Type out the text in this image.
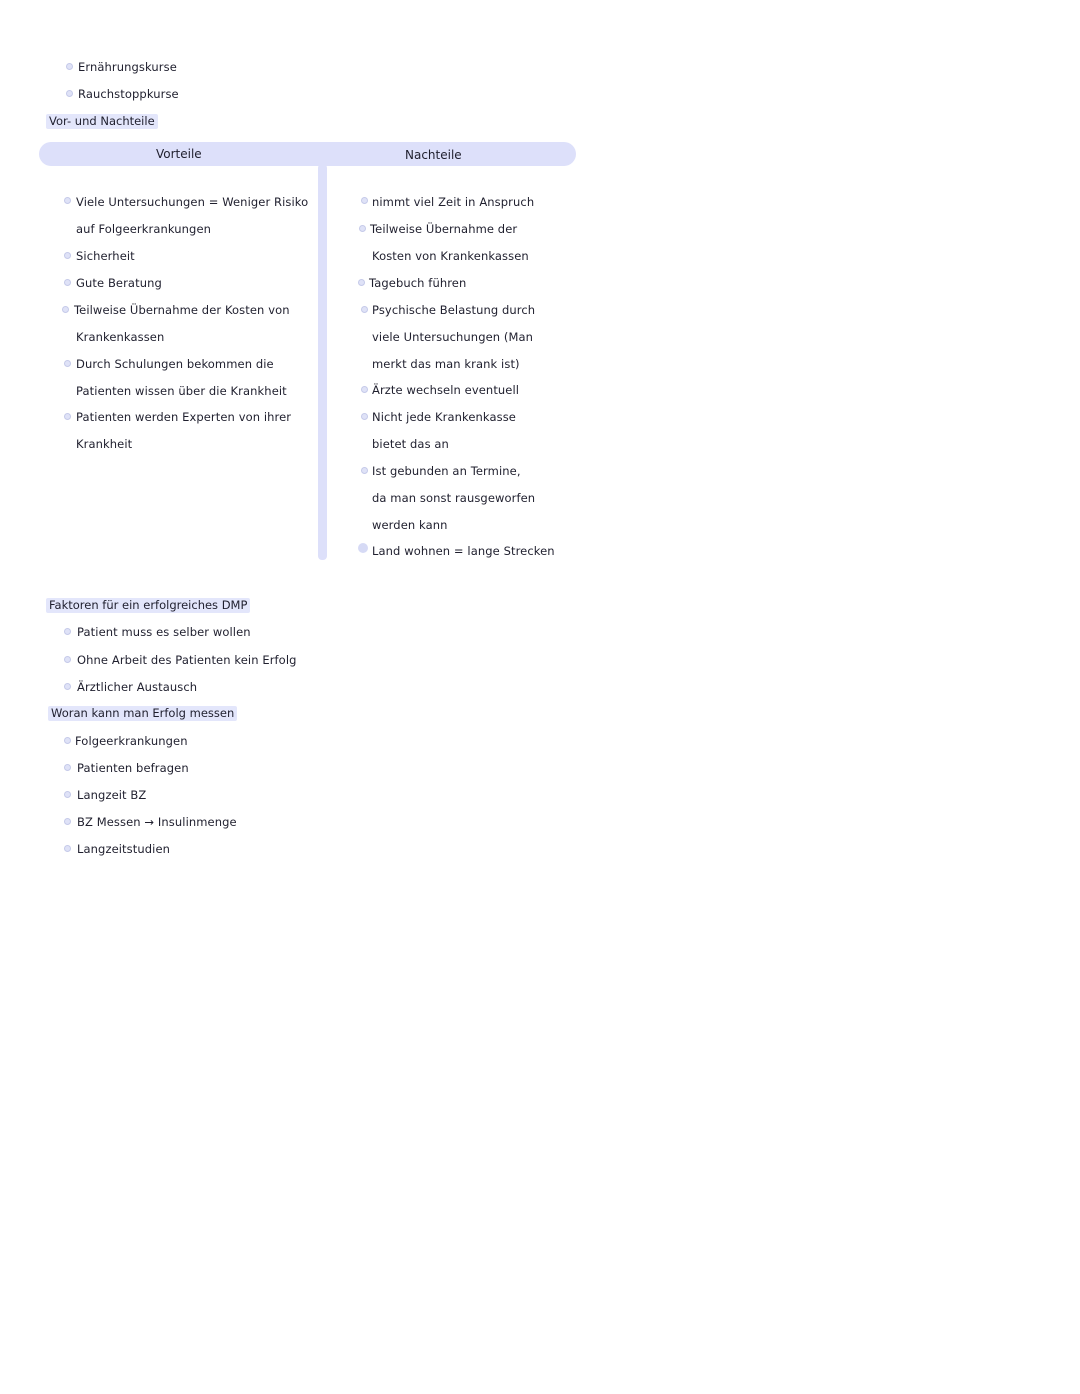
Ernährungskurse
Rauchstoppkurse
Vor- und Nachteile
Vorteile	Nachteile
Viele Untersuchungen = Weniger Risiko
auf Folgeerkrankungen
Sicherheit
Gute Beratung
Teilweise Übernahme der Kosten von
Krankenkassen
Durch Schulungen bekommen die
Patienten wissen über die Krankheit
Patienten werden Experten von ihrer
Krankheit
nimmt viel Zeit in Anspruch
Teilweise Übernahme der
Kosten von Krankenkassen
Tagebuch führen
Psychische Belastung durch
viele Untersuchungen (Man
merkt das man krank ist)
Ärzte wechseln eventuell
Nicht jede Krankenkasse
bietet das an
Ist gebunden an Termine,
da man sonst rausgeworfen
werden kann
Land wohnen = lange Strecken
Faktoren für ein erfolgreiches DMP
Patient muss es selber wollen
Ohne Arbeit des Patienten kein Erfolg
Ärztlicher Austausch
Woran kann man Erfolg messen
Folgeerkrankungen
Patienten befragen
Langzeit BZ
BZ Messen → Insulinmenge
Langzeitstudien
